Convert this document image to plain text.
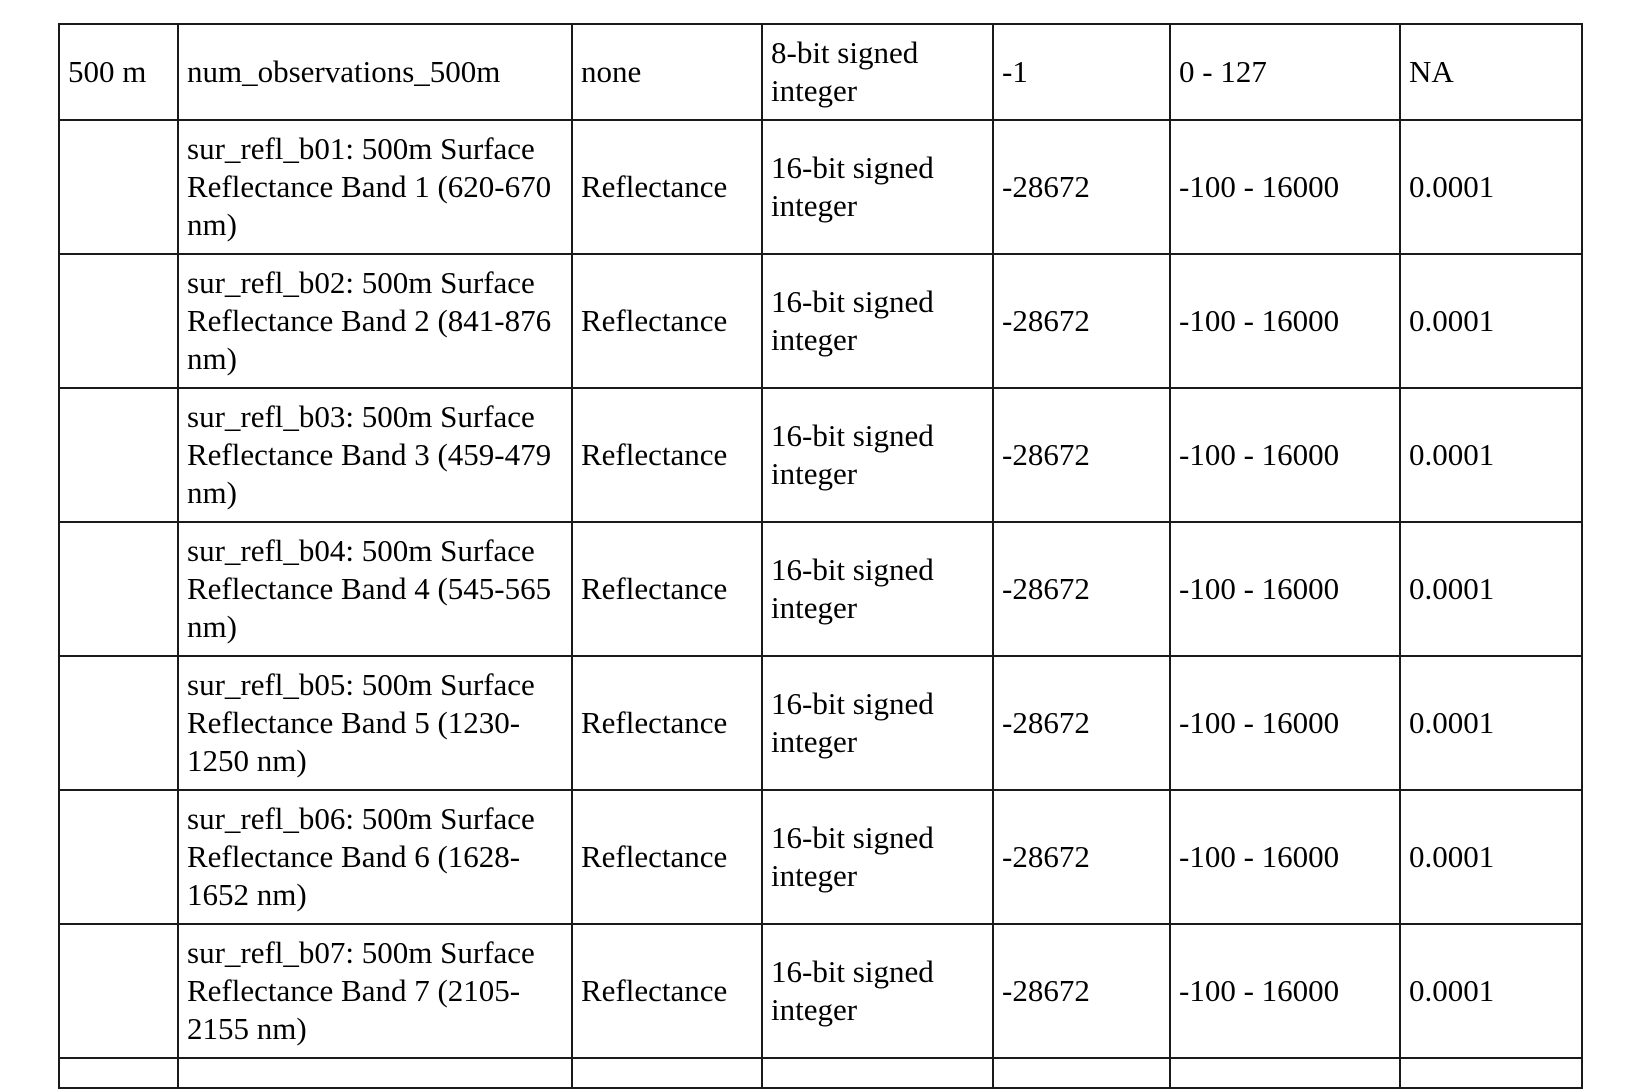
500 m	num_observations_500m	none	8-bit signed integer	-1	0 - 127	NA
	sur_refl_b01: 500m Surface Reflectance Band 1 (620-670 nm)	Reflectance	16-bit signed integer	-28672	-100 - 16000	0.0001
	sur_refl_b02: 500m Surface Reflectance Band 2 (841-876 nm)	Reflectance	16-bit signed integer	-28672	-100 - 16000	0.0001
	sur_refl_b03: 500m Surface Reflectance Band 3 (459-479 nm)	Reflectance	16-bit signed integer	-28672	-100 - 16000	0.0001
	sur_refl_b04: 500m Surface Reflectance Band 4 (545-565 nm)	Reflectance	16-bit signed integer	-28672	-100 - 16000	0.0001
	sur_refl_b05: 500m Surface Reflectance Band 5 (1230-1250 nm)	Reflectance	16-bit signed integer	-28672	-100 - 16000	0.0001
	sur_refl_b06: 500m Surface Reflectance Band 6 (1628-1652 nm)	Reflectance	16-bit signed integer	-28672	-100 - 16000	0.0001
	sur_refl_b07: 500m Surface Reflectance Band 7 (2105-2155 nm)	Reflectance	16-bit signed integer	-28672	-100 - 16000	0.0001
